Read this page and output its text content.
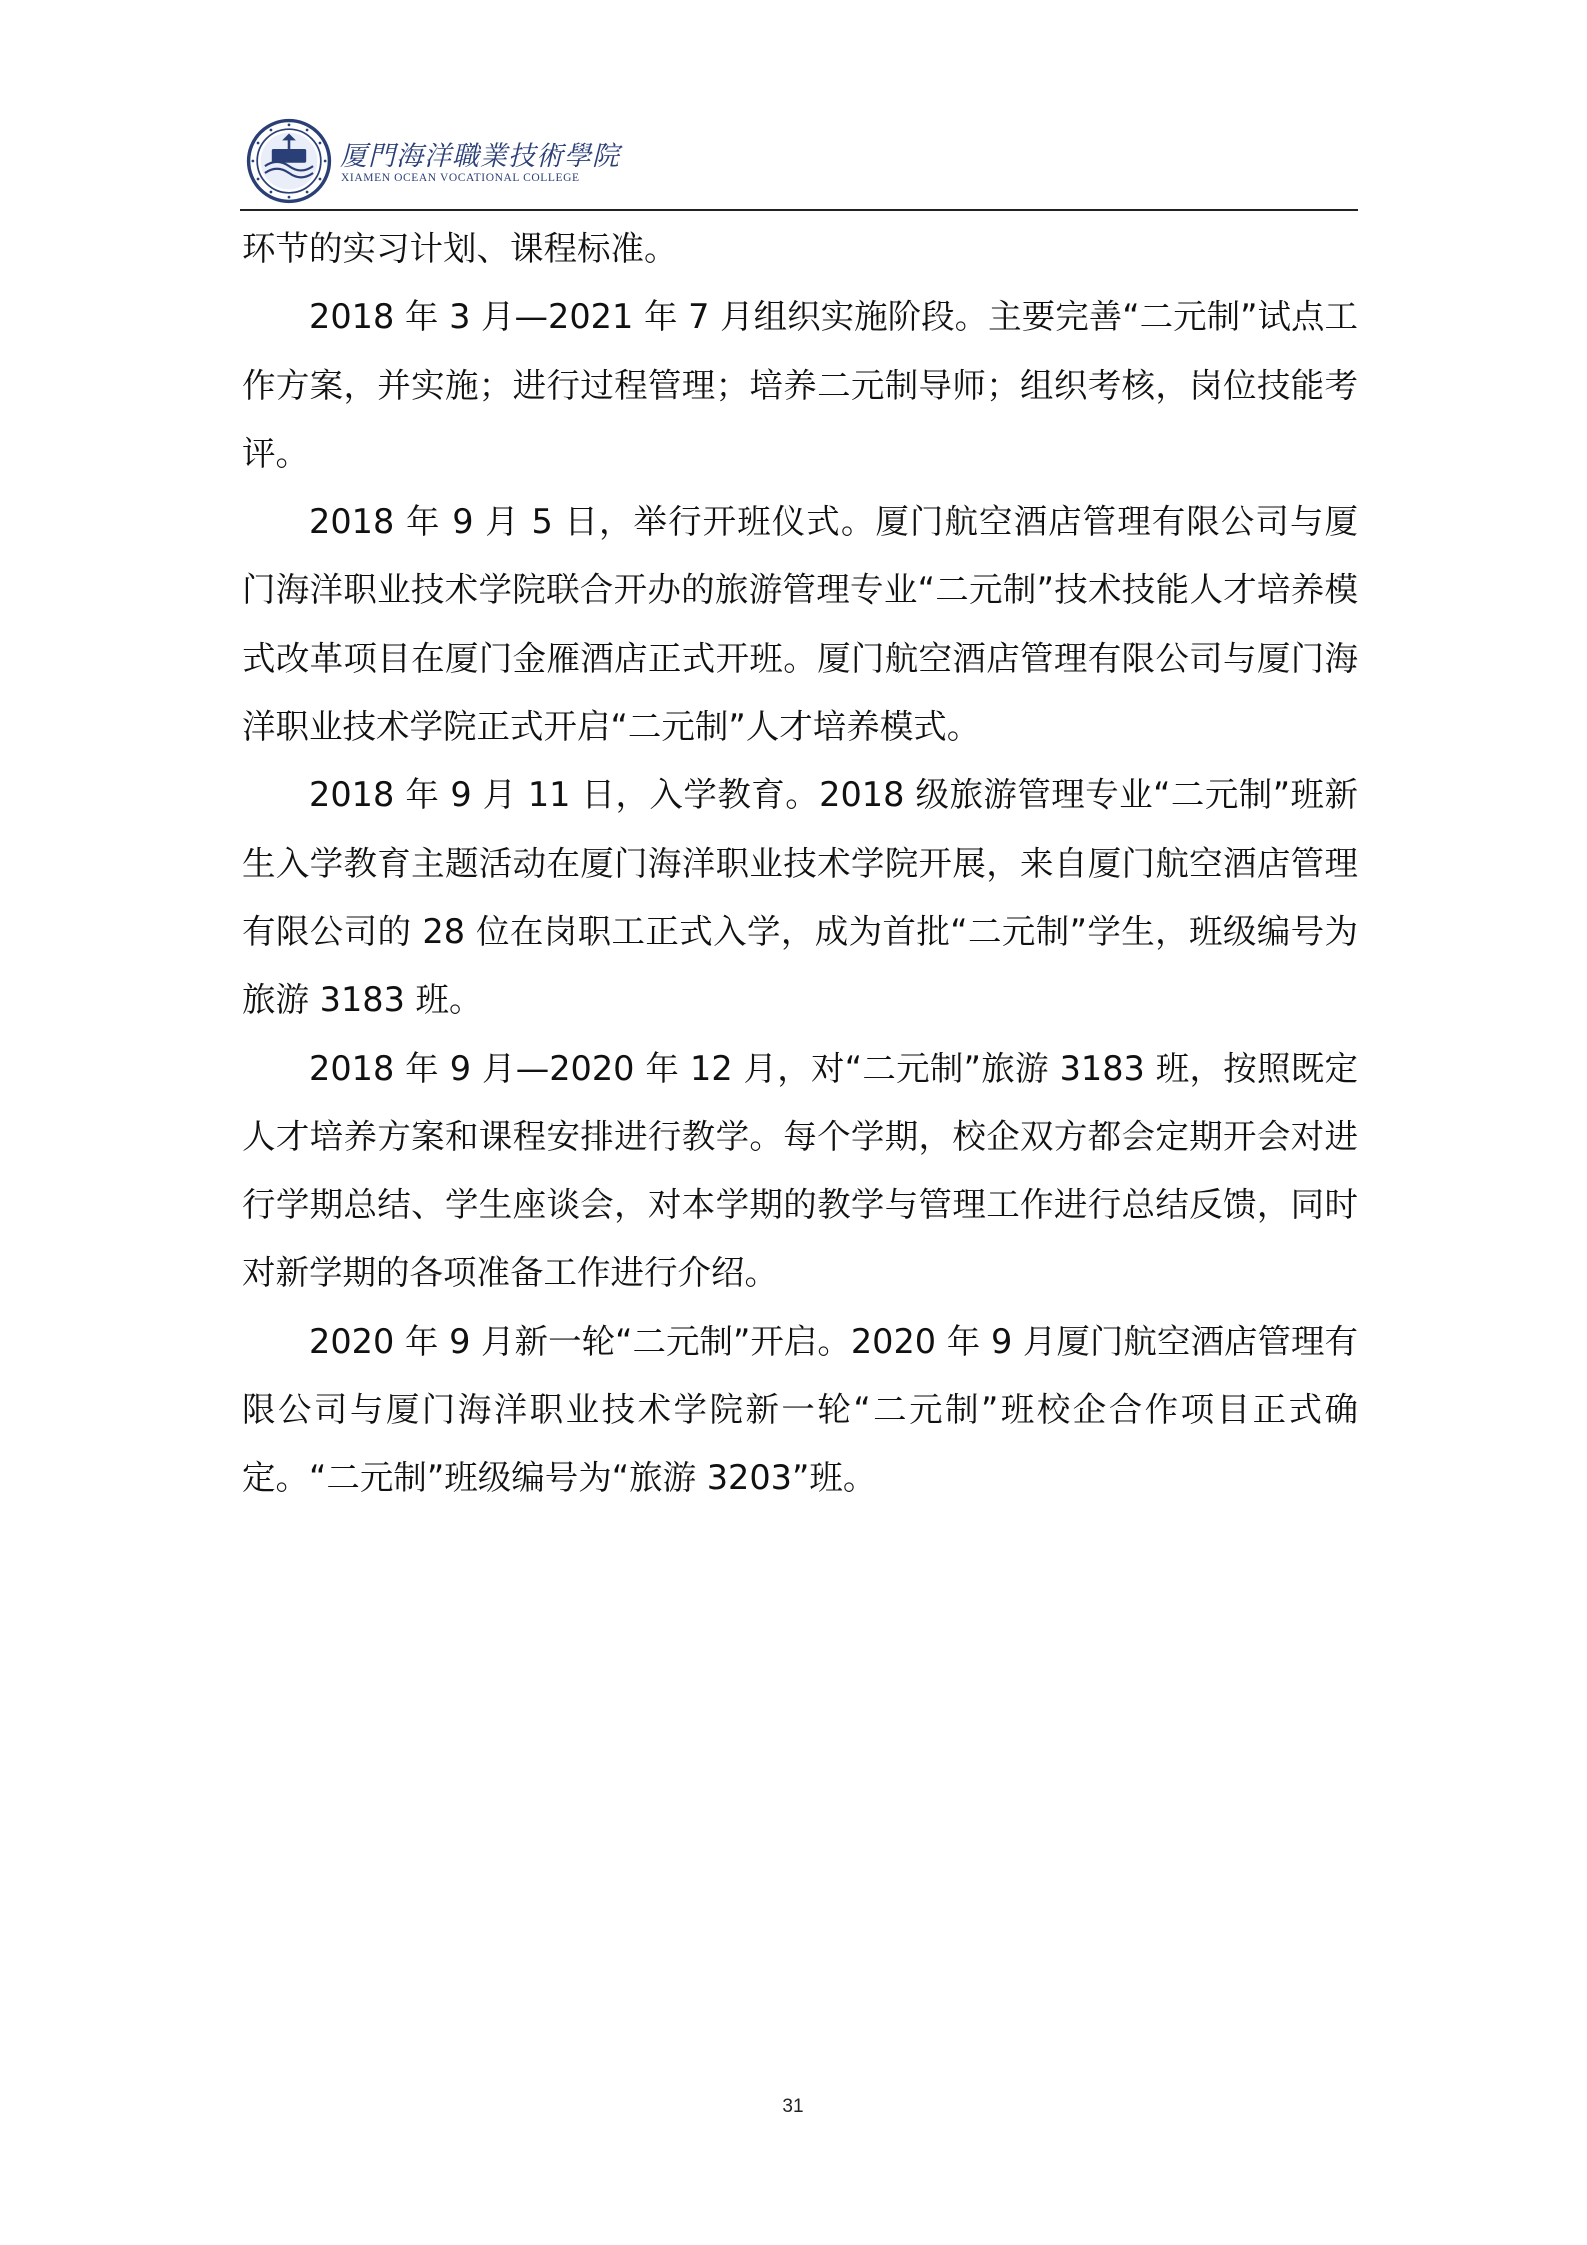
厦門海洋職業技術學院
XIAMEN OCEAN VOCATIONAL COLLEGE

环节的实习计划、课程标准。

2018 年 3 月—2021 年 7 月组织实施阶段。主要完善“二元制”试点工作方案，并实施；进行过程管理；培养二元制导师；组织考核，岗位技能考评。

2018 年 9 月 5 日，举行开班仪式。厦门航空酒店管理有限公司与厦门海洋职业技术学院联合开办的旅游管理专业“二元制”技术技能人才培养模式改革项目在厦门金雁酒店正式开班。厦门航空酒店管理有限公司与厦门海洋职业技术学院正式开启“二元制”人才培养模式。

2018 年 9 月 11 日，入学教育。2018 级旅游管理专业“二元制”班新生入学教育主题活动在厦门海洋职业技术学院开展，来自厦门航空酒店管理有限公司的 28 位在岗职工正式入学，成为首批“二元制”学生，班级编号为旅游 3183 班。

2018 年 9 月—2020 年 12 月，对“二元制”旅游 3183 班，按照既定人才培养方案和课程安排进行教学。每个学期，校企双方都会定期开会对进行学期总结、学生座谈会，对本学期的教学与管理工作进行总结反馈，同时对新学期的各项准备工作进行介绍。

2020 年 9 月新一轮“二元制”开启。2020 年 9 月厦门航空酒店管理有限公司与厦门海洋职业技术学院新一轮“二元制”班校企合作项目正式确定。“二元制”班级编号为“旅游 3203”班。

31
